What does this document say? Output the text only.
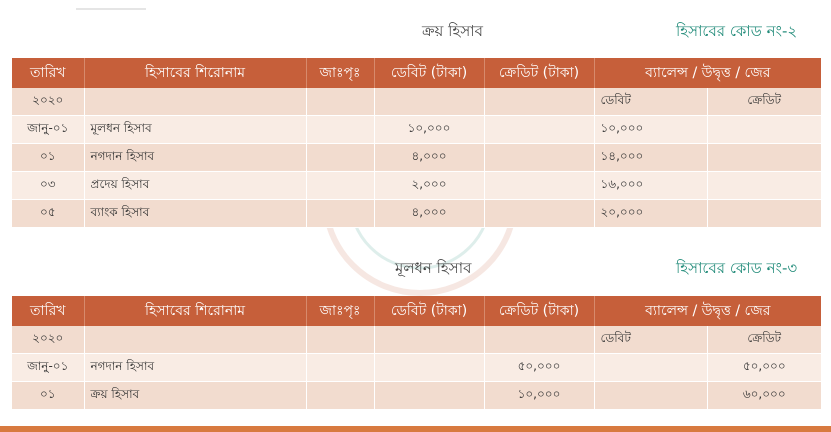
ক্রয় হিসাব	হিসাবের কোড নং-২
তারিখ	হিসাবের শিরোনাম	জাঃপৃঃ	ডেবিট (টাকা)	ক্রেডিট (টাকা)	ব্যালেন্স / উদ্বৃত্ত / জের	
২০২০					ডেবিট	ক্রেডিট
জানু-০১	মূলধন হিসাব		১০,০০০		১০,০০০	
০১	নগদান হিসাব		৪,০০০		১৪,০০০	
০৩	প্রদেয় হিসাব		২,০০০		১৬,০০০	
০৫	ব্যাংক হিসাব		৪,০০০		২০,০০০	
মূলধন হিসাব	হিসাবের কোড নং-৩
তারিখ	হিসাবের শিরোনাম	জাঃপৃঃ	ডেবিট (টাকা)	ক্রেডিট (টাকা)	ব্যালেন্স / উদ্বৃত্ত / জের	
২০২০					ডেবিট	ক্রেডিট
জানু-০১	নগদান হিসাব			৫০,০০০		৫০,০০০
০১	ক্রয় হিসাব			১০,০০০		৬০,০০০
